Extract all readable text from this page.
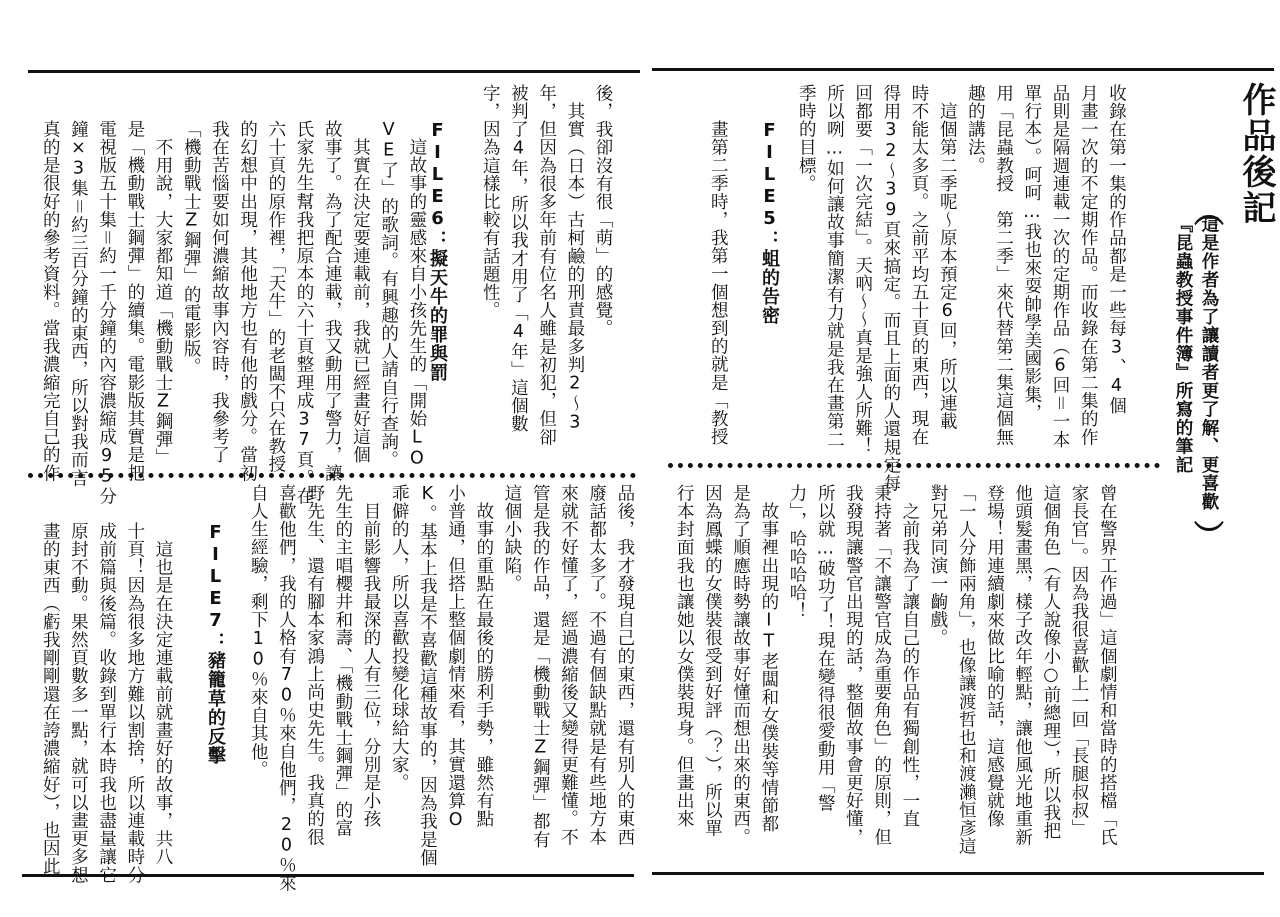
作品後記
（
這是作者為了讓讀者更了解、更喜歡
『昆蟲教授事件簿』所寫的筆記
）

收錄在第一集的作品都是一些每3、4個
月畫一次的不定期作品。而收錄在第二集的作
品則是隔週連載一次的定期作品（6回＝一本
單行本）。呵呵…我也來耍帥學美國影集，
用「昆蟲教授　第二季」來代替第二集這個無
趣的講法。
　這個第二季呢～原本預定6回，所以連載
時不能太多頁。之前平均五十頁的東西，現在
得用32～39頁來搞定。而且上面的人還規定每
回都要「一次完結」。天吶～～真是強人所難！
所以咧…如何讓故事簡潔有力就是我在畫第二
季時的目標。

FILE5：蛆的告密

畫第二季時，我第一個想到的就是「教授

後，我卻沒有很「萌」的感覺。
　其實（日本）古柯鹼的刑責最多判2～3
年，但因為很多年前有位名人雖是初犯，但卻
被判了4年，所以我才用了「4年」這個數
字，因為這樣比較有話題性。

FILE6：擬天牛的罪與罰

　這故事的靈感來自小孩先生的「開始LO
VE了」的歌詞。有興趣的人請自行查詢。
　其實在決定要連載前，我就已經畫好這個
故事了。為了配合連載，我又動用了警力，讓
氏家先生幫我把原本的六十頁整理成37頁。在
六十頁的原作裡，「天牛」的老闆不只在教授
的幻想中出現，其他地方也有他的戲分。當初
我在苦惱要如何濃縮故事內容時，我參考了
「機動戰士Z鋼彈」的電影版。
　不用說，大家都知道「機動戰士Z鋼彈」
是「機動戰士鋼彈」的續集。電影版其實是把
電視版五十集＝約一千分鐘的內容濃縮成95分
鐘×3集＝約三百分鐘的東西，所以對我而言
真的是很好的參考資料。當我濃縮完自己的作

曾在警界工作過」這個劇情和當時的搭檔「氏
家長官」。因為我很喜歡上一回「長腿叔叔」
這個角色（有人說像小○前總理），所以我把
他頭髮畫黑，樣子改年輕點，讓他風光地重新
登場！用連續劇來做比喻的話，這感覺就像
「一人分飾兩角」，也像讓渡哲也和渡瀨恒彥這
對兄弟同演一齣戲。
　之前我為了讓自己的作品有獨創性，一直
秉持著「不讓警官成為重要角色」的原則，但
我發現讓警官出現的話，整個故事會更好懂，
所以就…破功了！現在變得很愛動用「警
力」，哈哈哈哈！
　故事裡出現的IT老闆和女僕裝等情節都
是為了順應時勢讓故事好懂而想出來的東西。
因為鳳蝶的女僕裝很受到好評（？），所以單
行本封面我也讓她以女僕裝現身。但畫出來

品後，我才發現自己的東西，還有別人的東西
廢話都太多了。不過有個缺點就是有些地方本
來就不好懂了，經過濃縮後又變得更難懂。不
管是我的作品，還是「機動戰士Z鋼彈」都有
這個小缺陷。
　故事的重點在最後的勝利手勢，雖然有點
小普通，但搭上整個劇情來看，其實還算O
K。基本上我是不喜歡這種故事的，因為我是個
乖僻的人，所以喜歡投變化球給大家。
　目前影響我最深的人有三位，分別是小孩
先生的主唱櫻井和壽、「機動戰士鋼彈」的富
野先生、還有腳本家鴻上尚史先生。我真的很
喜歡他們，我的人格有70％來自他們，20％來
自人生經驗，剩下10％來自其他。

FILE7：豬籠草的反擊

　這也是在決定連載前就畫好的故事，共八
十頁！因為很多地方難以割捨，所以連載時分
成前篇與後篇。收錄到單行本時我也盡量讓它
原封不動。果然頁數多一點，就可以畫更多想
畫的東西（虧我剛剛還在誇濃縮好），也因此
